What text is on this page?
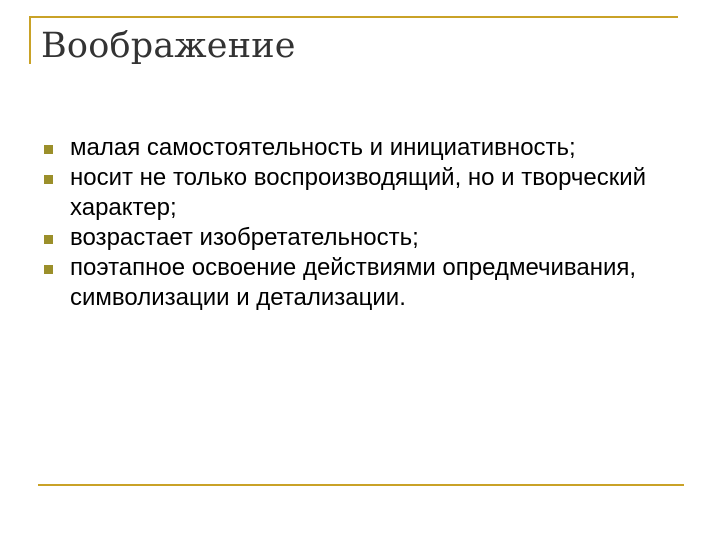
Воображение
малая самостоятельность и инициативность;
носит не только воспроизводящий, но и творческий характер;
возрастает изобретательность;
поэтапное освоение действиями опредмечивания, символизации и детализации.
